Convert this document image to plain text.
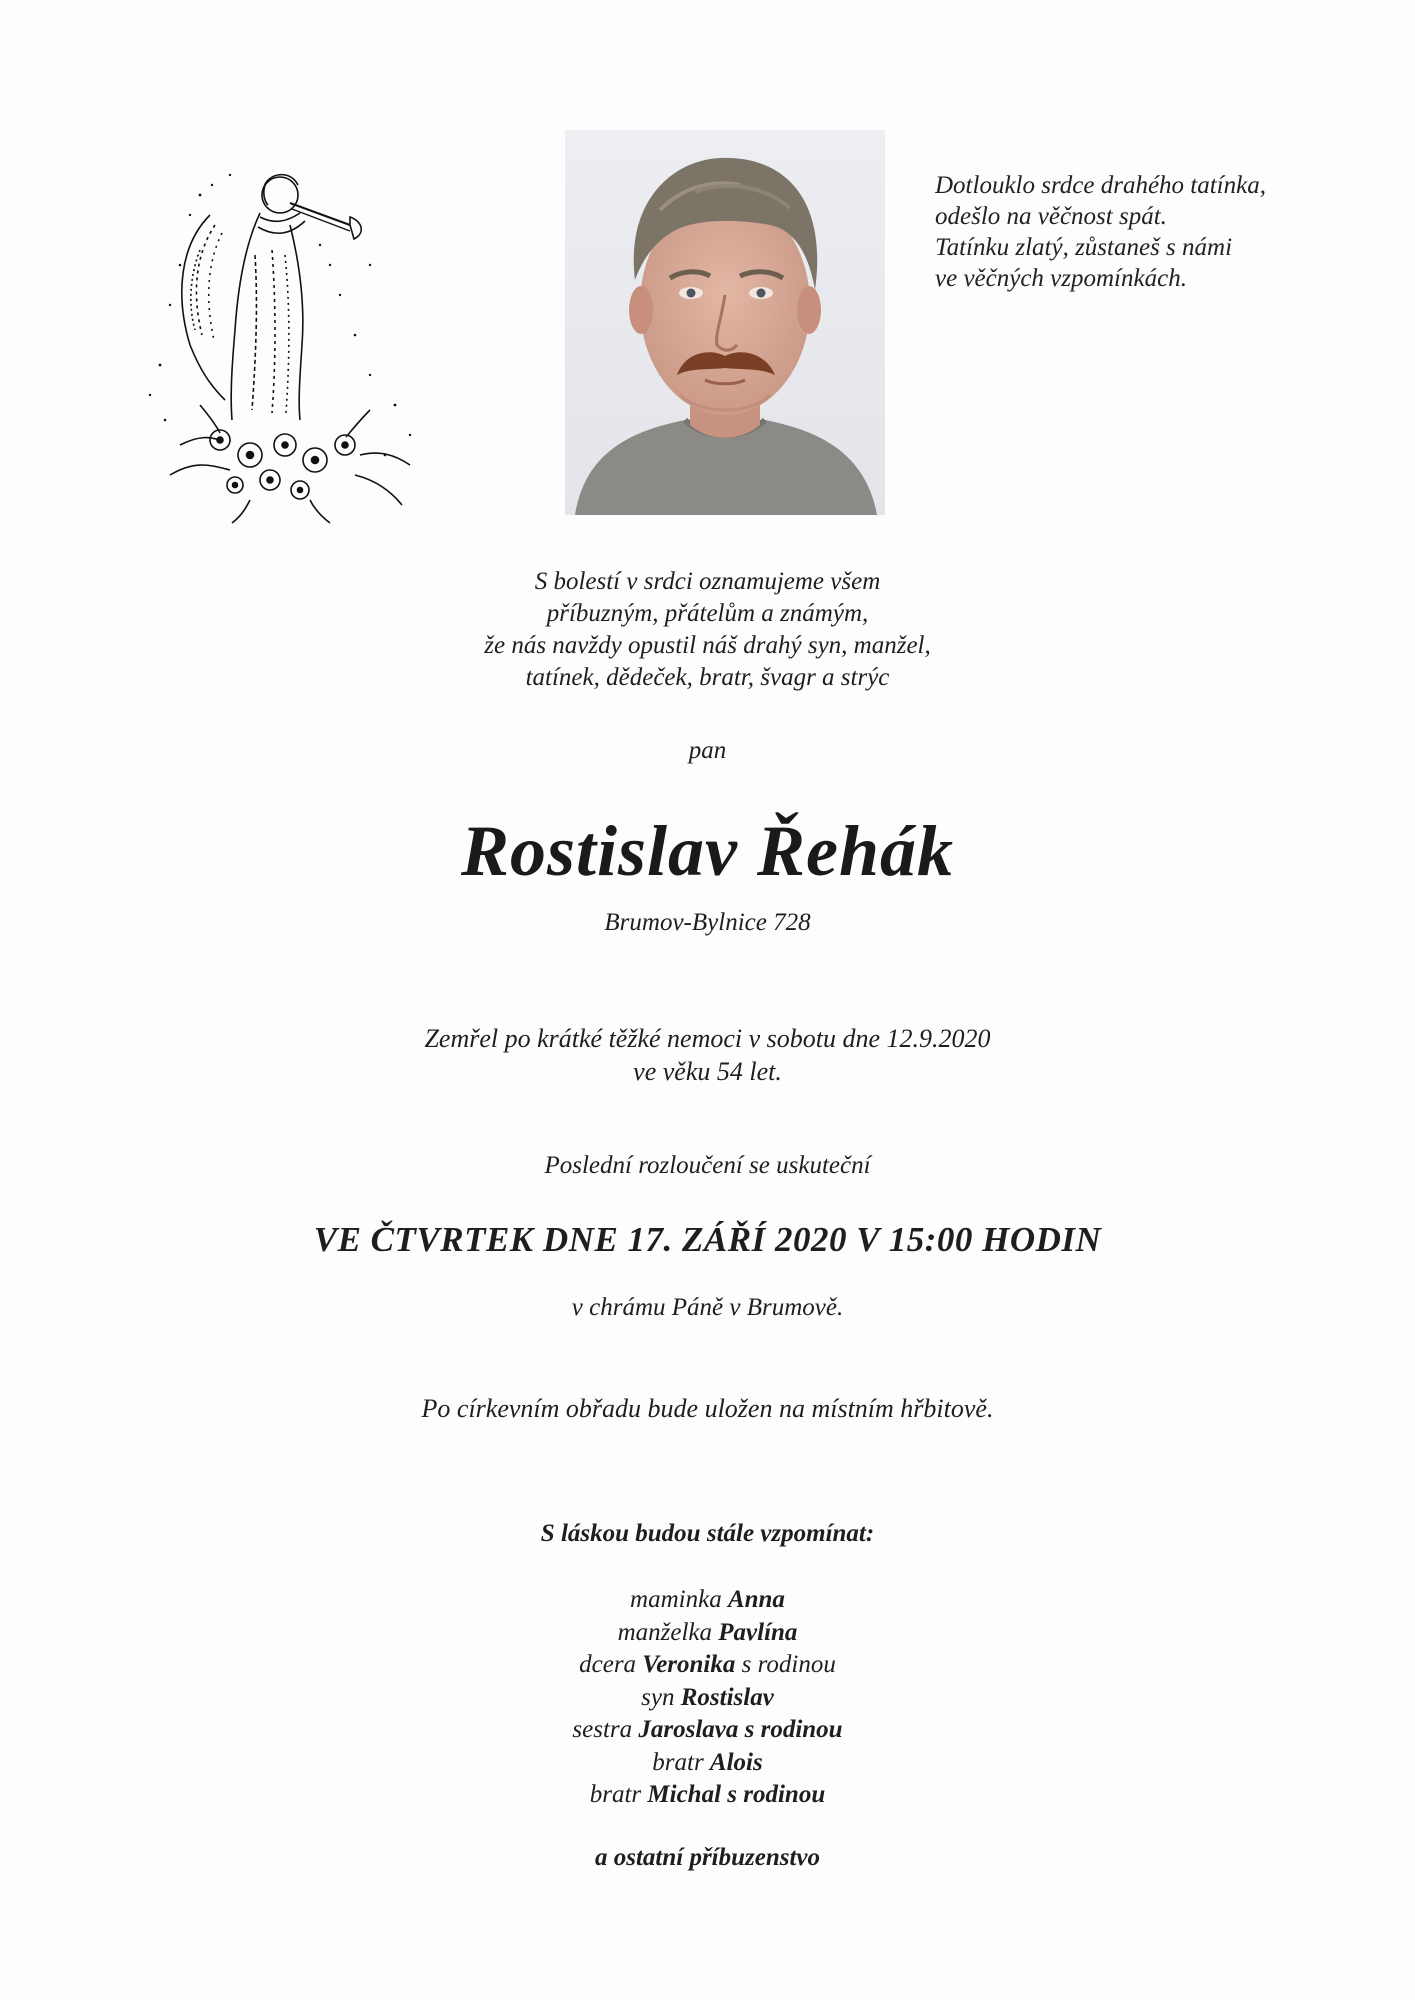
Dotlouklo srdce drahého tatínka,
odešlo na věčnost spát.
Tatínku zlatý, zůstaneš s námi
ve věčných vzpomínkách.
S bolestí v srdci oznamujeme všem
příbuzným, přátelům a známým,
že nás navždy opustil náš drahý syn, manžel,
tatínek, dědeček, bratr, švagr a strýc
pan
Rostislav Řehák
Brumov-Bylnice 728
Zemřel po krátké těžké nemoci v sobotu dne 12.9.2020
ve věku 54 let.
Poslední rozloučení se uskuteční
VE ČTVRTEK DNE 17. ZÁŘÍ 2020 V 15:00 HODIN
v chrámu Páně v Brumově.
Po církevním obřadu bude uložen na místním hřbitově.
S láskou budou stále vzpomínat:
maminka Anna
manželka Pavlína
dcera Veronika s rodinou
syn Rostislav
sestra Jaroslava s rodinou
bratr Alois
bratr Michal s rodinou
a ostatní příbuzenstvo
